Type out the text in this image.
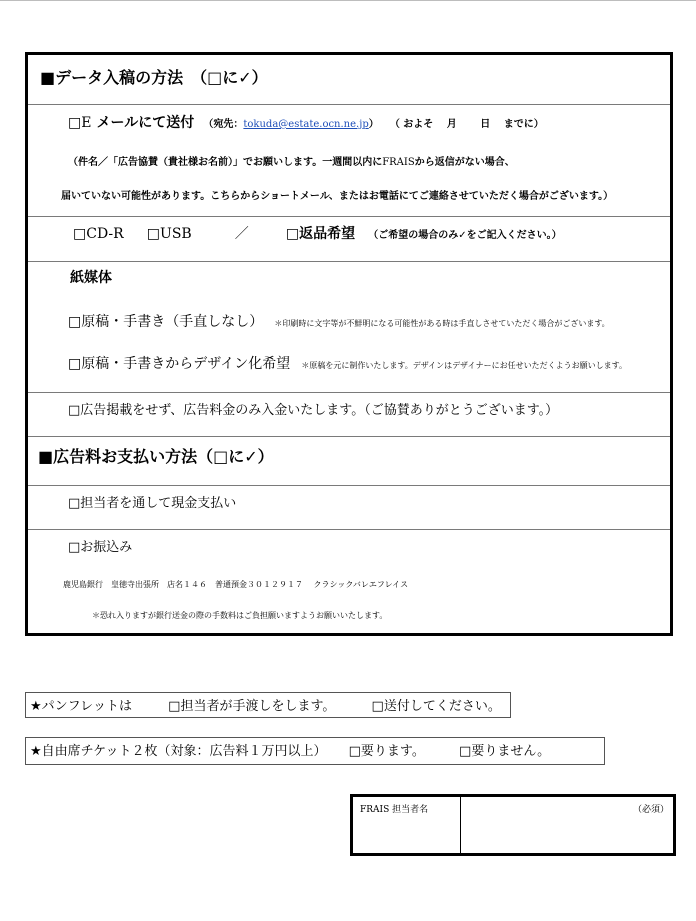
■データ入稿の方法　（□に✓）
□E メールにて送付 （宛先：tokuda@estate.ocn.ne.jp） （ およそ　 月　　 日　 までに）
（件名／「広告協賛（貴社様お名前）」でお願いします。一週間以内にFRAISから返信がない場合、
届いていない可能性があります。こちらからショートメール、またはお電話にてご連絡させていただく場合がございます。）
□CD-R □USB	／	□返品希望 （ご希望の場合のみ✓をご記入ください。）
紙媒体
□原稿・手書き（手直しなし） ＊印刷時に文字等が不鮮明になる可能性がある時は手直しさせていただく場合がございます。
□原稿・手書きからデザイン化希望 ＊原稿を元に制作いたします。デザインはデザイナーにお任せいただくようお願いします。
□広告掲載をせず、広告料金のみ入金いたします。（ご協賛ありがとうございます。）
■広告料お支払い方法（□に✓）
□担当者を通して現金支払い
□お振込み
鹿児島銀行　皇徳寺出張所　店名１４６　普通預金３０１２９１７　 クラシックバレエフレイス
＊恐れ入りますが銀行送金の際の手数料はご負担願いますようお願いいたします。
★パンフレットは	□担当者が手渡しをします。	□送付してください。
★自由席チケット２枚（対象：広告料１万円以上） □要ります。	□要りません。
FRAIS 担当者名	（必須）
